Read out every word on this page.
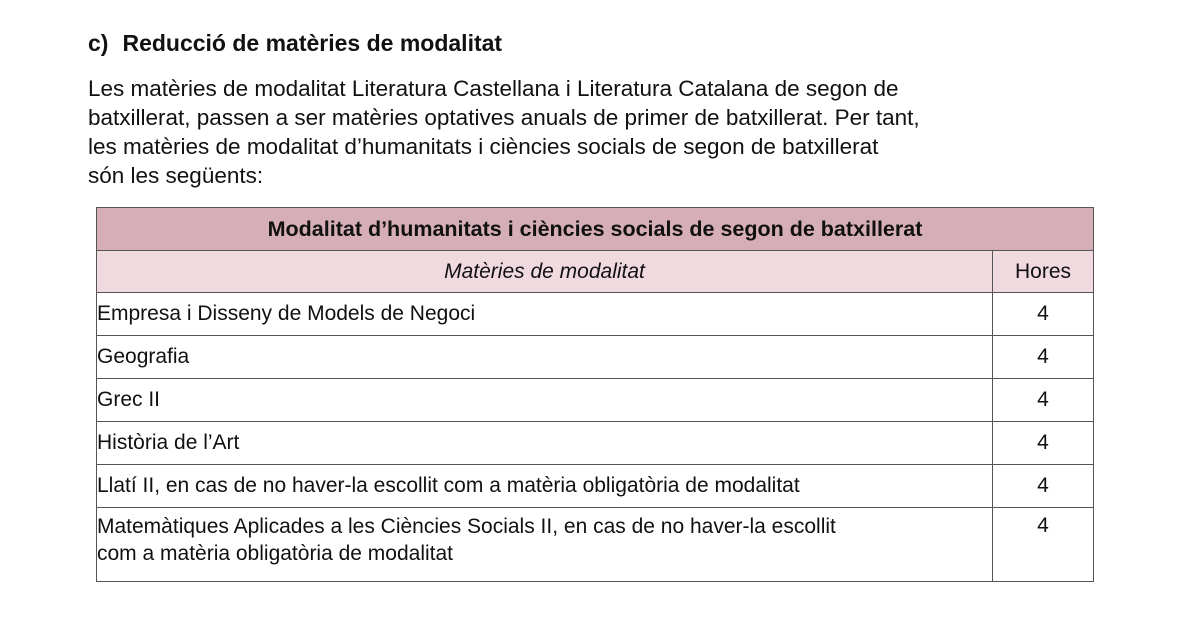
c) Reducció de matèries de modalitat
Les matèries de modalitat Literatura Castellana i Literatura Catalana de segon de
batxillerat, passen a ser matèries optatives anuals de primer de batxillerat. Per tant,
les matèries de modalitat d’humanitats i ciències socials de segon de batxillerat
són les següents:
Modalitat d’humanitats i ciències socials de segon de batxillerat	
Matèries de modalitat	Hores

Empresa i Disseny de Models de Negoci	4

Geografia	4

Grec II	4

Història de l’Art	4

Llatí II, en cas de no haver-la escollit com a matèria obligatòria de modalitat	4

Matemàtiques Aplicades a les Ciències Socials II, en cas de no haver-la escollit
com a matèria obligatòria de modalitat	4
